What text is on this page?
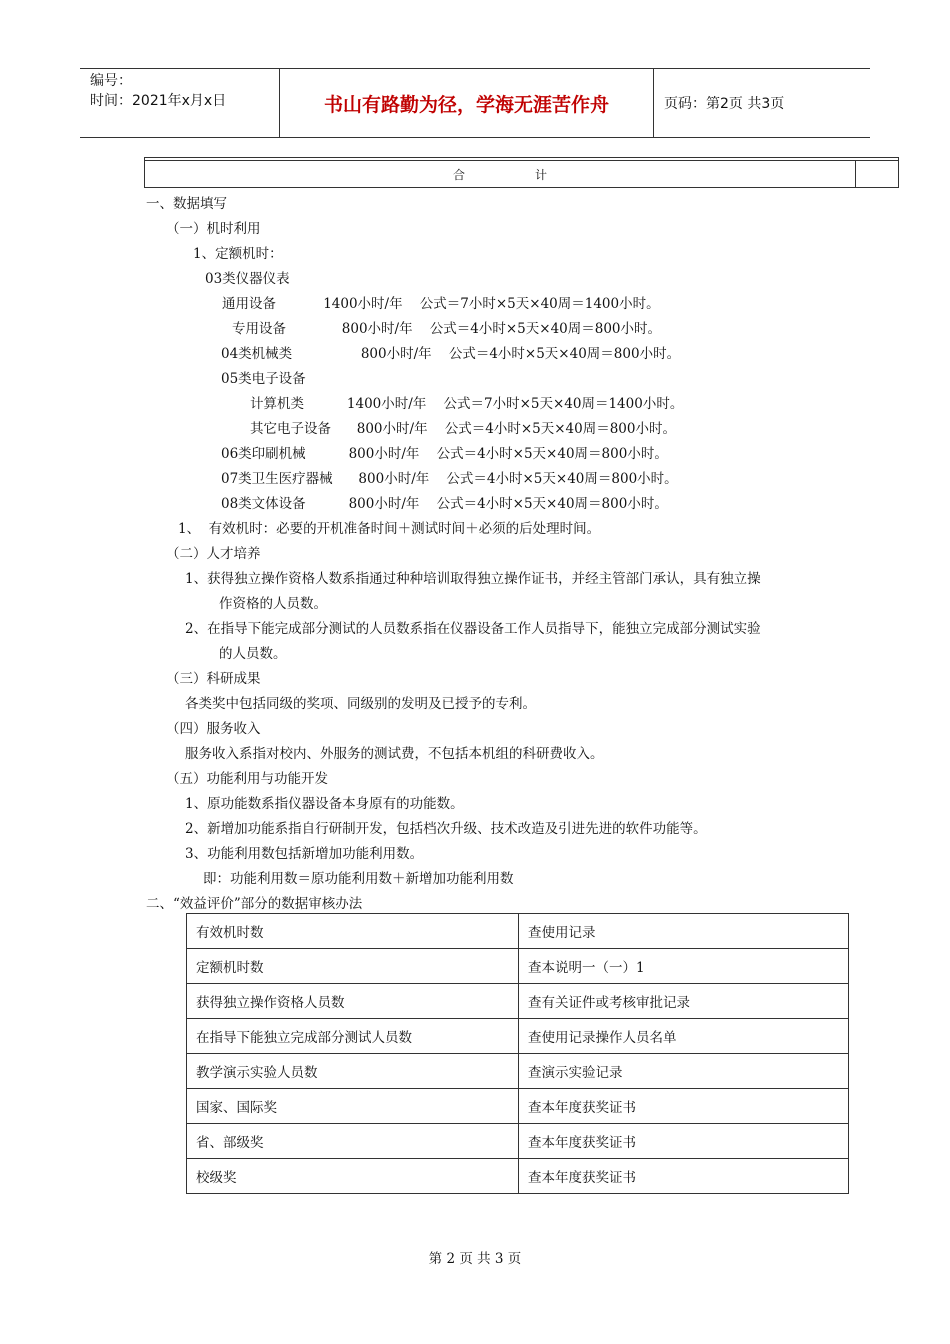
编号：
时间：2021年x月x日	书山有路勤为径，学海无涯苦作舟	页码：第2页 共3页
合计
一、数据填写
（一）机时利用
1、定额机时：
03类仪器仪表
通用设备           1400小时/年    公式＝7小时×5天×40周＝1400小时。
专用设备             800小时/年    公式＝4小时×5天×40周＝800小时。
04类机械类                800小时/年    公式＝4小时×5天×40周＝800小时。
05类电子设备
计算机类          1400小时/年    公式＝7小时×5天×40周＝1400小时。
其它电子设备      800小时/年    公式＝4小时×5天×40周＝800小时。
06类印刷机械          800小时/年    公式＝4小时×5天×40周＝800小时。
07类卫生医疗器械      800小时/年    公式＝4小时×5天×40周＝800小时。
08类文体设备          800小时/年    公式＝4小时×5天×40周＝800小时。
1、  有效机时：必要的开机准备时间＋测试时间＋必须的后处理时间。
（二）人才培养
1、获得独立操作资格人数系指通过种种培训取得独立操作证书，并经主管部门承认，具有独立操
作资格的人员数。
2、在指导下能完成部分测试的人员数系指在仪器设备工作人员指导下，能独立完成部分测试实验
的人员数。
（三）科研成果
各类奖中包括同级的奖项、同级别的发明及已授予的专利。
（四）服务收入
服务收入系指对校内、外服务的测试费，不包括本机组的科研费收入。
（五）功能利用与功能开发
1、原功能数系指仪器设备本身原有的功能数。
2、新增加功能系指自行研制开发，包括档次升级、技术改造及引进先进的软件功能等。
3、功能利用数包括新增加功能利用数。
即：功能利用数＝原功能利用数＋新增加功能利用数
二、“效益评价”部分的数据审核办法
有效机时数	查使用记录
定额机时数	查本说明一（一）1
获得独立操作资格人员数	查有关证件或考核审批记录
在指导下能独立完成部分测试人员数	查使用记录操作人员名单
教学演示实验人员数	查演示实验记录
国家、国际奖	查本年度获奖证书
省、部级奖	查本年度获奖证书
校级奖	查本年度获奖证书
第 2 页 共 3 页
